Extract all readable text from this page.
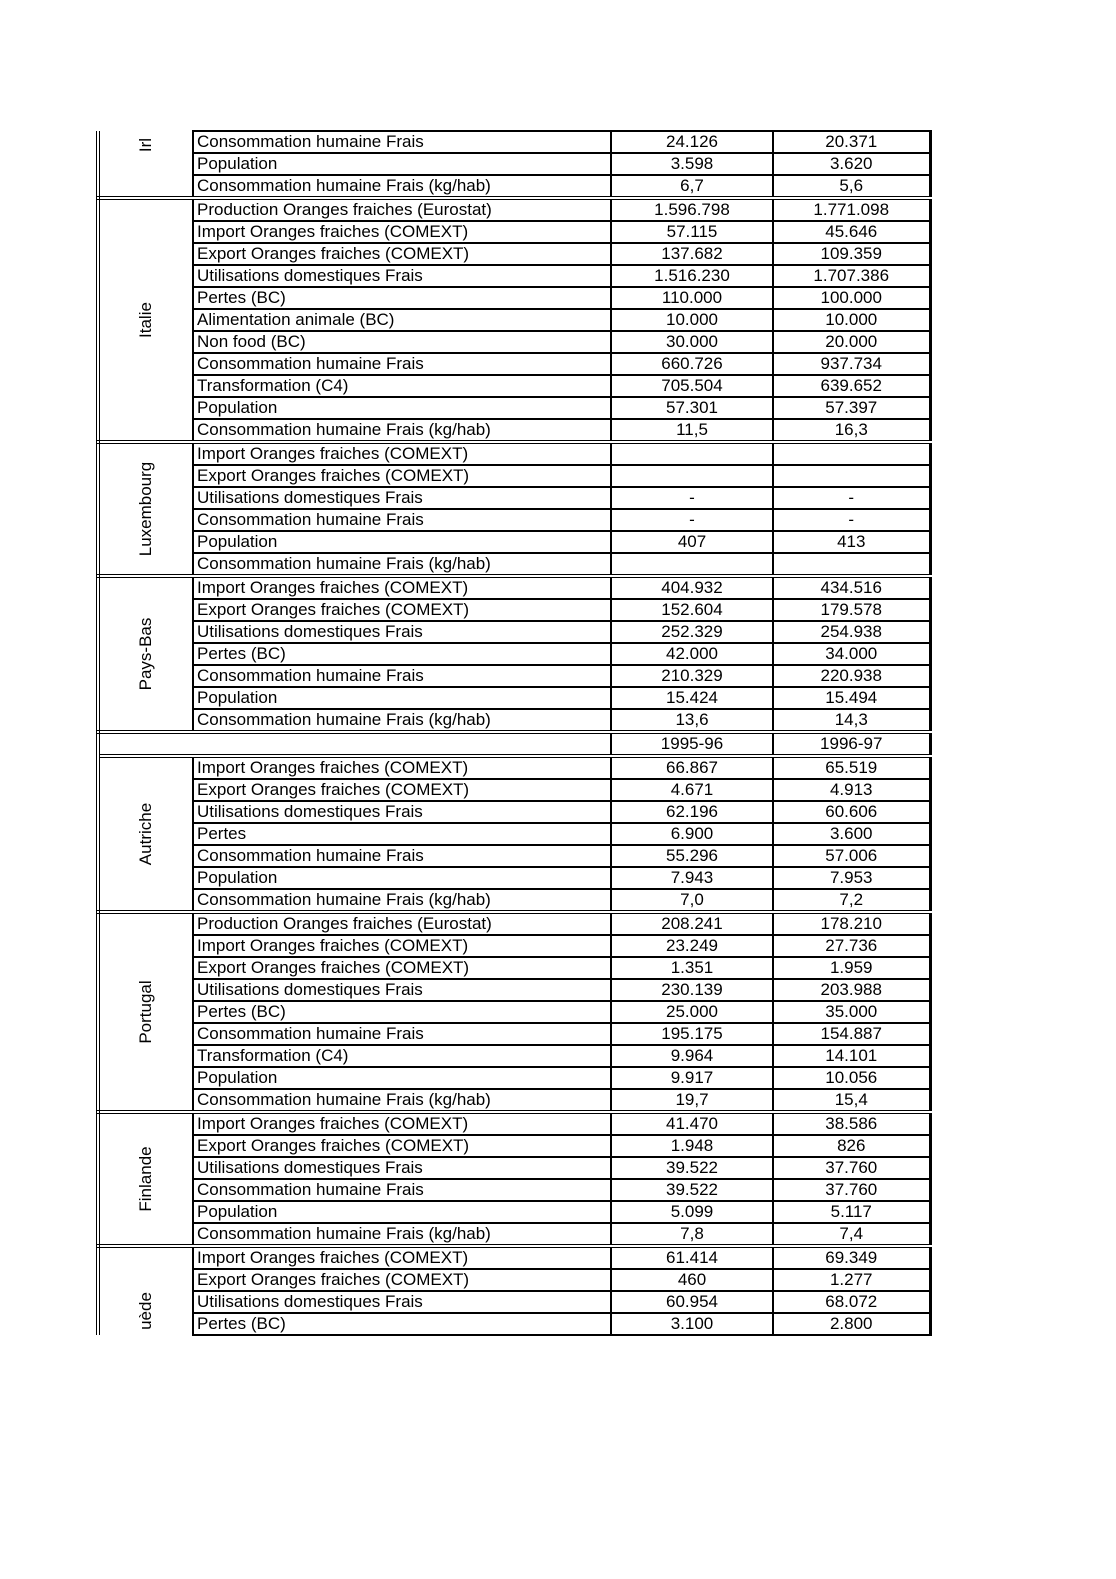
Irl	Consommation humaine Frais	24.126	20.371
	Population	3.598	3.620
	Consommation humaine Frais (kg/hab)	6,7	5,6

Italie	Production Oranges fraiches (Eurostat)	1.596.798	1.771.098
	Import Oranges fraiches (COMEXT)	57.115	45.646
	Export Oranges fraiches (COMEXT)	137.682	109.359
	Utilisations domestiques Frais	1.516.230	1.707.386
	Pertes (BC)	110.000	100.000
	Alimentation animale (BC)	10.000	10.000
	Non food (BC)	30.000	20.000
	Consommation humaine Frais	660.726	937.734
	Transformation (C4)	705.504	639.652
	Population	57.301	57.397
	Consommation humaine Frais (kg/hab)	11,5	16,3

Luxembourg	Import Oranges fraiches (COMEXT)		
	Export Oranges fraiches (COMEXT)		
	Utilisations domestiques Frais	-	-
	Consommation humaine Frais	-	-
	Population	407	413
	Consommation humaine Frais (kg/hab)		

Pays-Bas	Import Oranges fraiches (COMEXT)	404.932	434.516
	Export Oranges fraiches (COMEXT)	152.604	179.578
	Utilisations domestiques Frais	252.329	254.938
	Pertes (BC)	42.000	34.000
	Consommation humaine Frais	210.329	220.938
	Population	15.424	15.494
	Consommation humaine Frais (kg/hab)	13,6	14,3
		1995-96	1996-97

Autriche	Import Oranges fraiches (COMEXT)	66.867	65.519
	Export Oranges fraiches (COMEXT)	4.671	4.913
	Utilisations domestiques Frais	62.196	60.606
	Pertes	6.900	3.600
	Consommation humaine Frais	55.296	57.006
	Population	7.943	7.953
	Consommation humaine Frais (kg/hab)	7,0	7,2

Portugal	Production Oranges fraiches (Eurostat)	208.241	178.210
	Import Oranges fraiches (COMEXT)	23.249	27.736
	Export Oranges fraiches (COMEXT)	1.351	1.959
	Utilisations domestiques Frais	230.139	203.988
	Pertes (BC)	25.000	35.000
	Consommation humaine Frais	195.175	154.887
	Transformation (C4)	9.964	14.101
	Population	9.917	10.056
	Consommation humaine Frais (kg/hab)	19,7	15,4

Finlande	Import Oranges fraiches (COMEXT)	41.470	38.586
	Export Oranges fraiches (COMEXT)	1.948	826
	Utilisations domestiques Frais	39.522	37.760
	Consommation humaine Frais	39.522	37.760
	Population	5.099	5.117
	Consommation humaine Frais (kg/hab)	7,8	7,4

uède	Import Oranges fraiches (COMEXT)	61.414	69.349
	Export Oranges fraiches (COMEXT)	460	1.277
	Utilisations domestiques Frais	60.954	68.072
	Pertes (BC)	3.100	2.800
